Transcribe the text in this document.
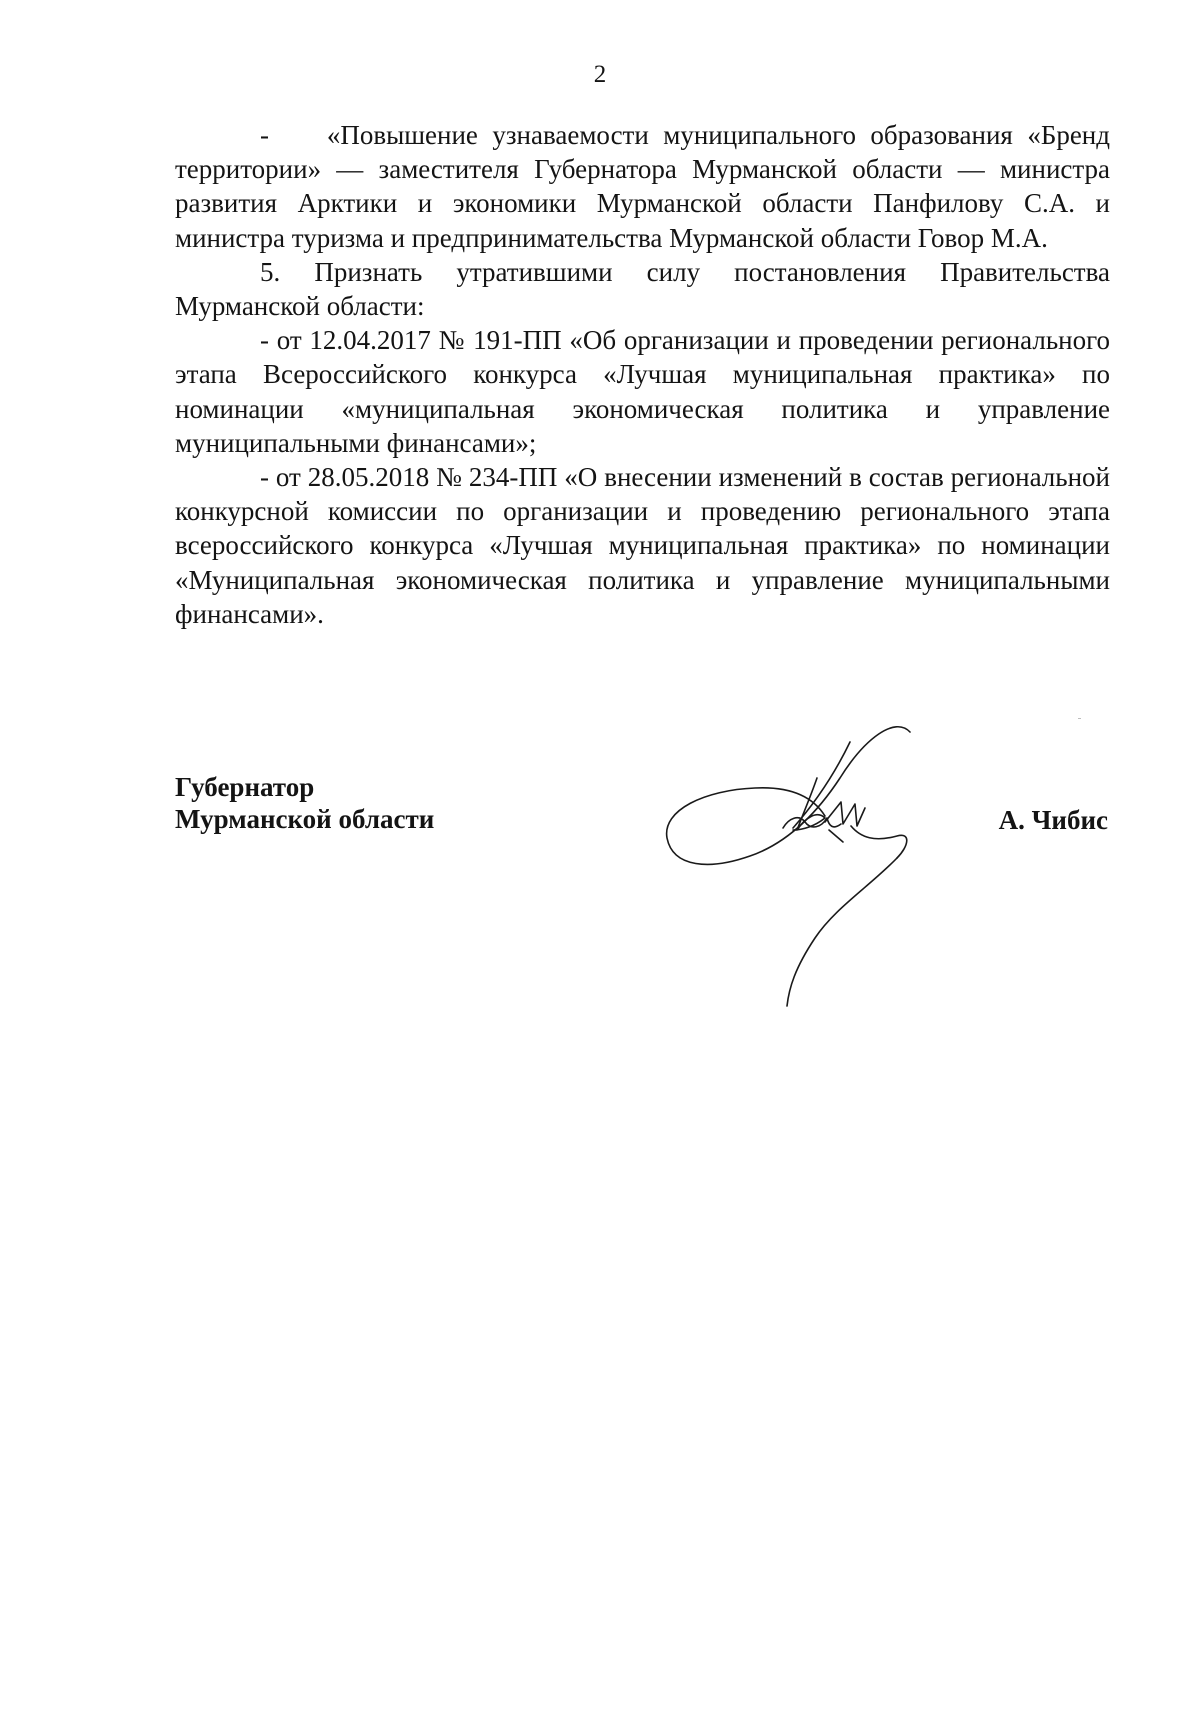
2

-    «Повышение узнаваемости муниципального образования «Бренд территории» — заместителя Губернатора Мурманской области — министра развития Арктики и экономики Мурманской области Панфилову С.А. и министра туризма и предпринимательства Мурманской области Говор М.А.

5. Признать утратившими силу постановления Правительства Мурманской области:

- от 12.04.2017 № 191-ПП «Об организации и проведении регионального этапа Всероссийского конкурса «Лучшая муниципальная практика» по номинации «муниципальная экономическая политика и управление муниципальными финансами»;

- от 28.05.2018 № 234-ПП «О внесении изменений в состав региональной конкурсной комиссии по организации и проведению регионального этапа всероссийского конкурса «Лучшая муниципальная практика» по номинации «Муниципальная экономическая политика и управление муниципальными финансами».

Губернатор
Мурманской области	А. Чибис
